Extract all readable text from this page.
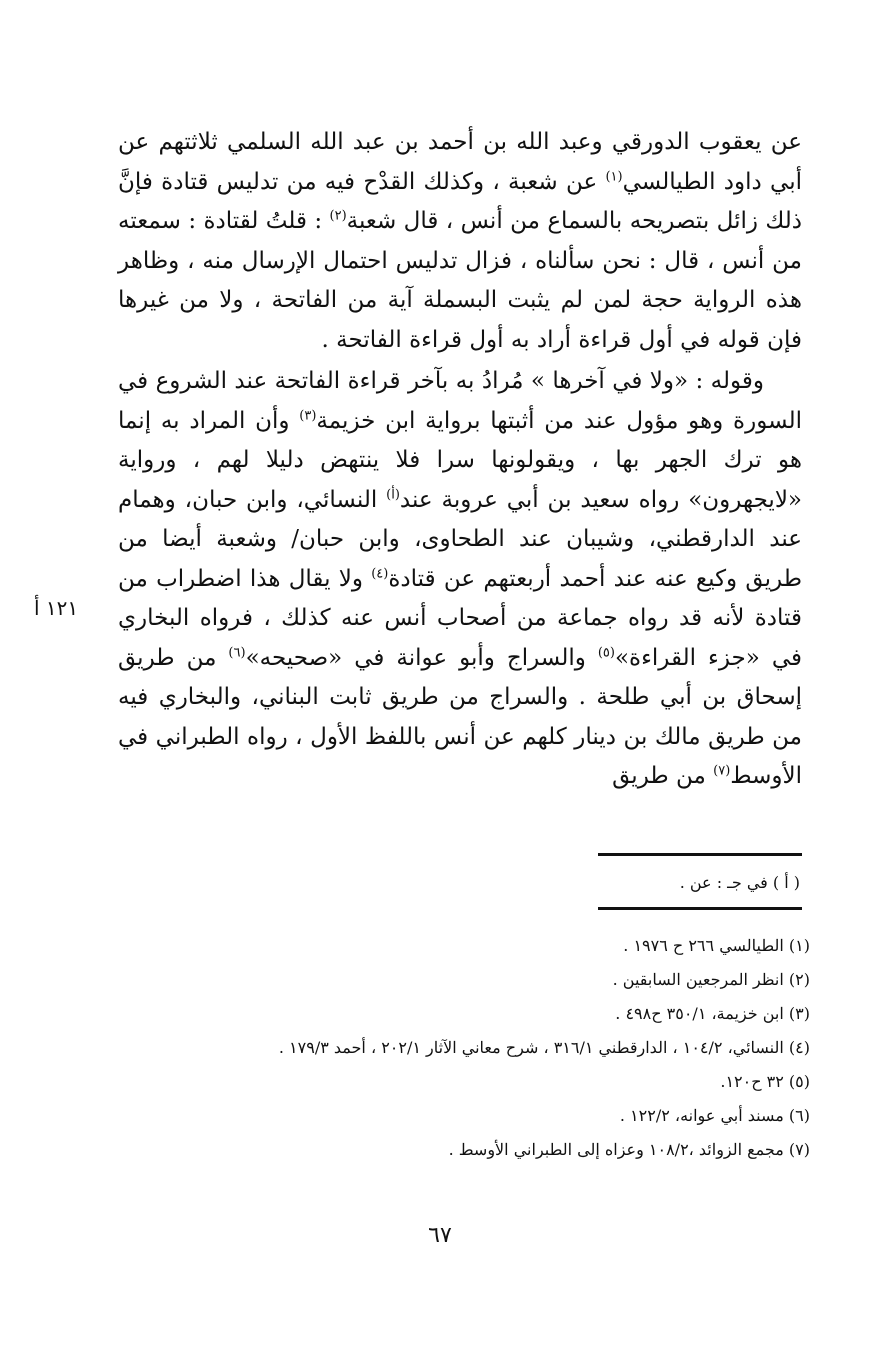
عن يعقوب الدورقي وعبد الله بن أحمد بن عبد الله السلمي ثلاثتهم عن أبي داود الطيالسي$^{(١)}$ عن شعبة ، وكذلك القدْح فيه من تدليس قتادة فإنَّ ذلك زائل بتصريحه بالسماع من أنس ، قال شعبة$^{(٢)}$ : قلتُ لقتادة : سمعته من أنس ، قال : نحن سألناه ، فزال تدليس احتمال الإرسال منه ، وظاهر هذه الرواية حجة لمن لم يثبت البسملة آية من الفاتحة ، ولا من غيرها فإن قوله في أول قراءة أراد به أول قراءة الفاتحة .

وقوله : «ولا في آخرها » مُرادُ به بآخر قراءة الفاتحة عند الشروع في السورة وهو مؤول عند من أثبتها برواية ابن خزيمة$^{(٣)}$ وأن المراد به إنما هو ترك الجهر بها ، ويقولونها سرا فلا ينتهض دليلا لهم ، ورواية «لايجهرون» رواه سعيد بن أبي عروبة عند$^{(أ)}$ النسائي، وابن حبان، وهمام عند الدارقطني، وشيبان عند الطحاوى، وابن حبان/ وشعبة أيضا من طريق وكيع عنه عند أحمد أربعتهم عن قتادة$^{(٤)}$ ولا يقال هذا اضطراب من قتادة لأنه قد رواه جماعة من أصحاب أنس عنه كذلك ، فرواه البخاري في «جزء القراءة»$^{(٥)}$ والسراج وأبو عوانة في «صحيحه»$^{(٦)}$ من طريق إسحاق بن أبي طلحة . والسراج من طريق ثابت البناني، والبخاري فيه من طريق مالك بن دينار كلهم عن أنس باللفظ الأول ، رواه الطبراني في الأوسط$^{(٧)}$ من طريق

١٢١ أ
( أ ) في جـ : عن .
(١) الطيالسي ٢٦٦ ح ١٩٧٦ .
(٢) انظر المرجعين السابقين .
(٣) ابن خزيمة، ٣٥٠/١ ح٤٩٨ .
(٤) النسائي، ١٠٤/٢ ، الدارقطني ٣١٦/١ ، شرح معاني الآثار ٢٠٢/١ ، أحمد ١٧٩/٣ .
(٥) ٣٢ ح١٢٠.
(٦) مسند أبي عوانه، ١٢٢/٢ .
(٧) مجمع الزوائد ،١٠٨/٢ وعزاه إلى الطبراني الأوسط .
٦٧
